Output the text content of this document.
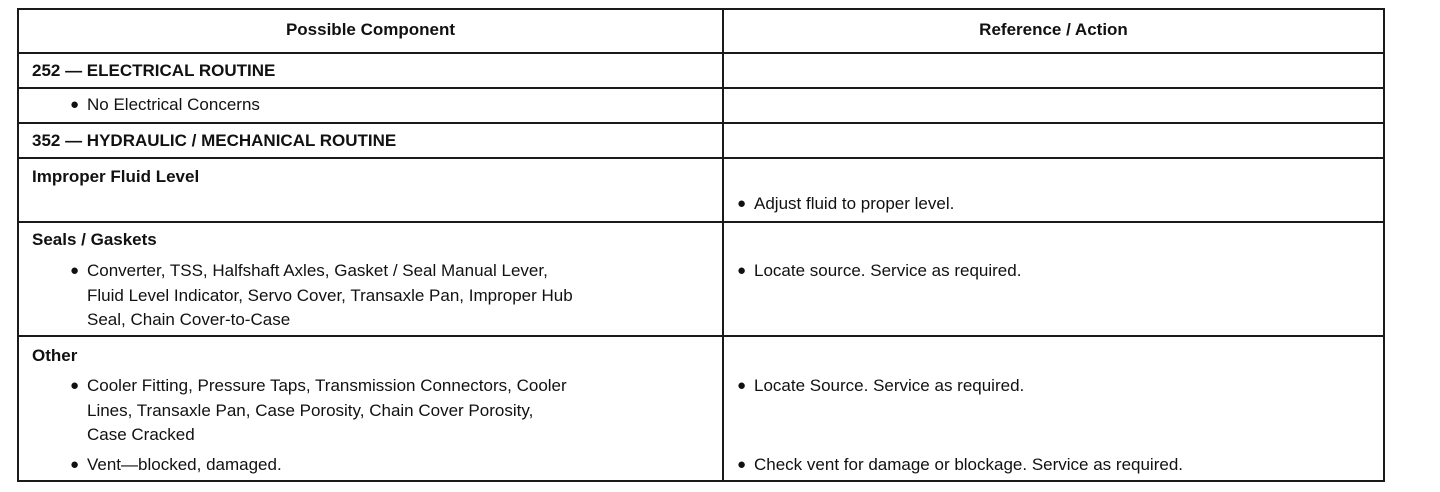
Possible Component	Reference / Action
252 — ELECTRICAL ROUTINE
● No Electrical Concerns
352 — HYDRAULIC / MECHANICAL ROUTINE
Improper Fluid Level
● Adjust fluid to proper level.
Seals / Gaskets
● Converter, TSS, Halfshaft Axles, Gasket / Seal Manual Lever,
Fluid Level Indicator, Servo Cover, Transaxle Pan, Improper Hub
Seal, Chain Cover-to-Case
● Locate source. Service as required.
Other
● Cooler Fitting, Pressure Taps, Transmission Connectors, Cooler
Lines, Transaxle Pan, Case Porosity, Chain Cover Porosity,
Case Cracked
● Vent—blocked, damaged.
● Locate Source. Service as required.
● Check vent for damage or blockage. Service as required.
